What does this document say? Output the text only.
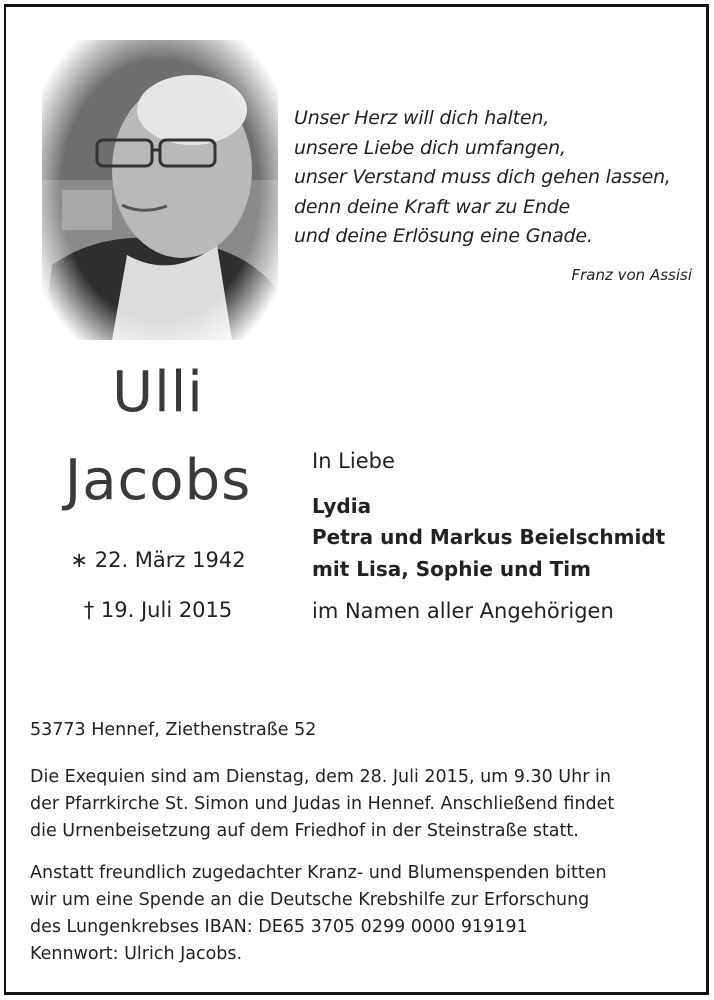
Unser Herz will dich halten,
unsere Liebe dich umfangen,
unser Verstand muss dich gehen lassen,
denn deine Kraft war zu Ende
und deine Erlösung eine Gnade.
Franz von Assisi
Ulli
Jacobs
∗ 22. März 1942
† 19. Juli 2015
In Liebe
Lydia
Petra und Markus Beielschmidt
mit Lisa, Sophie und Tim
im Namen aller Angehörigen
53773 Hennef, Ziethenstraße 52
Die Exequien sind am Dienstag, dem 28. Juli 2015, um 9.30 Uhr in
der Pfarrkirche St. Simon und Judas in Hennef. Anschließend findet
die Urnenbeisetzung auf dem Friedhof in der Steinstraße statt.
Anstatt freundlich zugedachter Kranz- und Blumenspenden bitten
wir um eine Spende an die Deutsche Krebshilfe zur Erforschung
des Lungenkrebses IBAN: DE65 3705 0299 0000 919191
Kennwort: Ulrich Jacobs.
